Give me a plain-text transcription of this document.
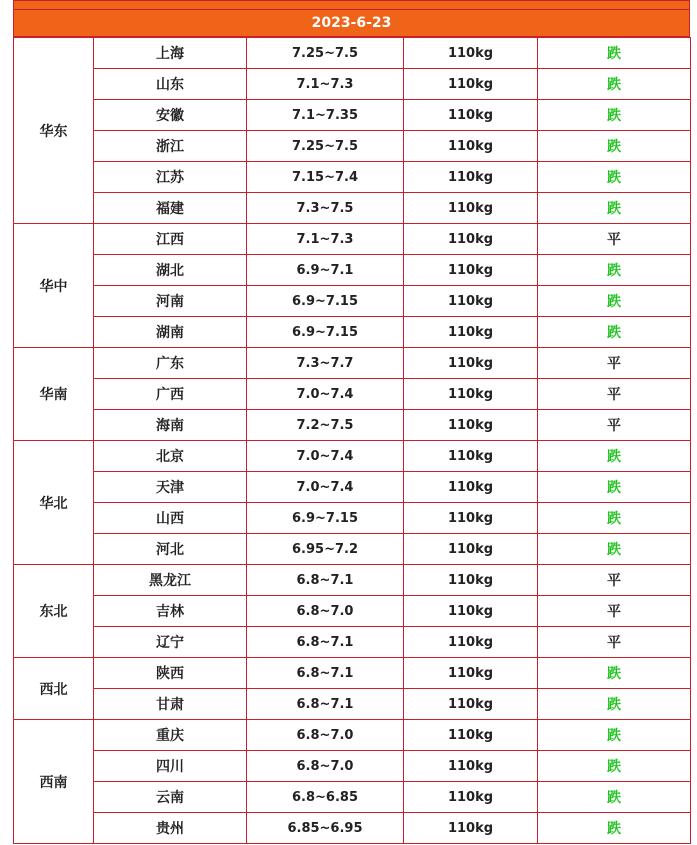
2023-6-23
华东	上海	7.25~7.5	110kg	跌
	山东	7.1~7.3	110kg	跌
	安徽	7.1~7.35	110kg	跌
	浙江	7.25~7.5	110kg	跌
	江苏	7.15~7.4	110kg	跌
	福建	7.3~7.5	110kg	跌
华中	江西	7.1~7.3	110kg	平
	湖北	6.9~7.1	110kg	跌
	河南	6.9~7.15	110kg	跌
	湖南	6.9~7.15	110kg	跌
华南	广东	7.3~7.7	110kg	平
	广西	7.0~7.4	110kg	平
	海南	7.2~7.5	110kg	平
华北	北京	7.0~7.4	110kg	跌
	天津	7.0~7.4	110kg	跌
	山西	6.9~7.15	110kg	跌
	河北	6.95~7.2	110kg	跌
东北	黑龙江	6.8~7.1	110kg	平
	吉林	6.8~7.0	110kg	平
	辽宁	6.8~7.1	110kg	平
西北	陕西	6.8~7.1	110kg	跌
	甘肃	6.8~7.1	110kg	跌
西南	重庆	6.8~7.0	110kg	跌
	四川	6.8~7.0	110kg	跌
	云南	6.8~6.85	110kg	跌
	贵州	6.85~6.95	110kg	跌
